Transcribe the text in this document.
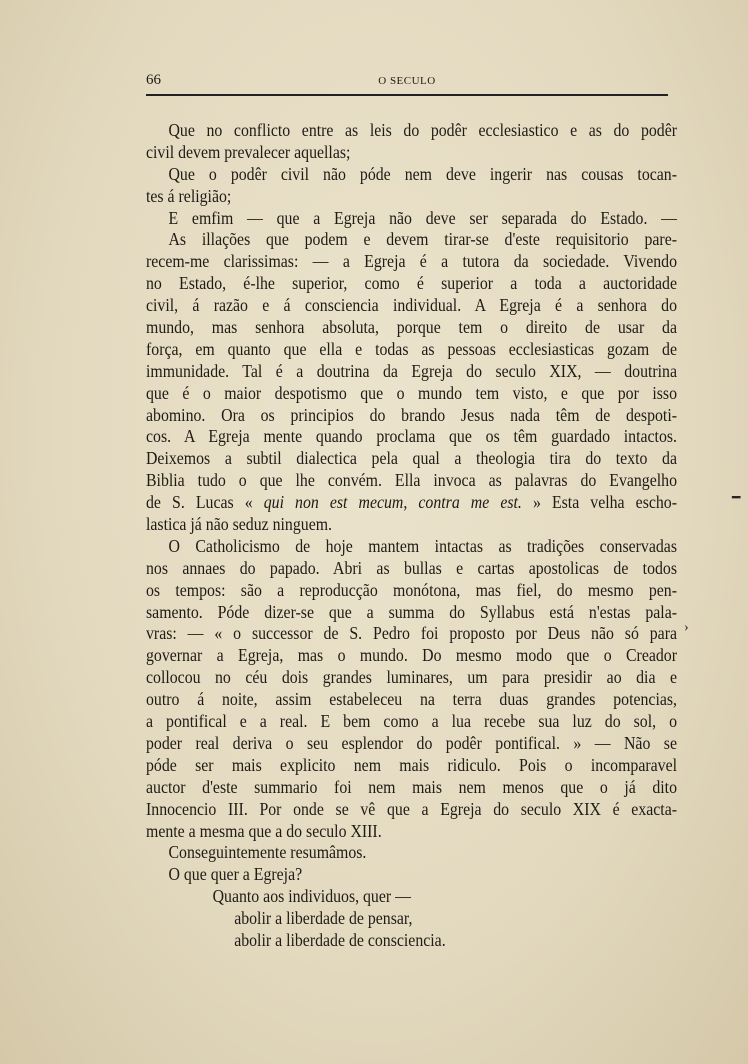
66	O SECULO
Que no conflicto entre as leis do podêr ecclesiastico e as do podêr
civil devem prevalecer aquellas;
Que o podêr civil não póde nem deve ingerir nas cousas tocan-
tes á religião;
E emfim — que a Egreja não deve ser separada do Estado. —
As illações que podem e devem tirar-se d'este requisitorio pare-
recem-me clarissimas: — a Egreja é a tutora da sociedade. Vivendo
no Estado, é-lhe superior, como é superior a toda a auctoridade
civil, á razão e á consciencia individual. A Egreja é a senhora do
mundo, mas senhora absoluta, porque tem o direito de usar da
força, em quanto que ella e todas as pessoas ecclesiasticas gozam de
immunidade. Tal é a doutrina da Egreja do seculo XIX, — doutrina
que é o maior despotismo que o mundo tem visto, e que por isso
abomino. Ora os principios do brando Jesus nada têm de despoti-
cos. A Egreja mente quando proclama que os têm guardado intactos.
Deixemos a subtil dialectica pela qual a theologia tira do texto da
Biblia tudo o que lhe convém. Ella invoca as palavras do Evangelho
de S. Lucas « qui non est mecum, contra me est. » Esta velha escho-
lastica já não seduz ninguem.
O Catholicismo de hoje mantem intactas as tradições conservadas
nos annaes do papado. Abri as bullas e cartas apostolicas de todos
os tempos: são a reproducção monótona, mas fiel, do mesmo pen-
samento. Póde dizer-se que a summa do Syllabus está n'estas pala-
vras: — « o successor de S. Pedro foi proposto por Deus não só para
governar a Egreja, mas o mundo. Do mesmo modo que o Creador
collocou no céu dois grandes luminares, um para presidir ao dia e
outro á noite, assim estabeleceu na terra duas grandes potencias,
a pontifical e a real. E bem como a lua recebe sua luz do sol, o
poder real deriva o seu esplendor do podêr pontifical. » — Não se
póde ser mais explicito nem mais ridiculo. Pois o incomparavel
auctor d'este summario foi nem mais nem menos que o já dito
Innocencio III. Por onde se vê que a Egreja do seculo XIX é exacta-
mente a mesma que a do seculo XIII.
Conseguintemente resumâmos.
O que quer a Egreja?
Quanto aos individuos, quer —
abolir a liberdade de pensar,
abolir a liberdade de consciencia.
━
›
